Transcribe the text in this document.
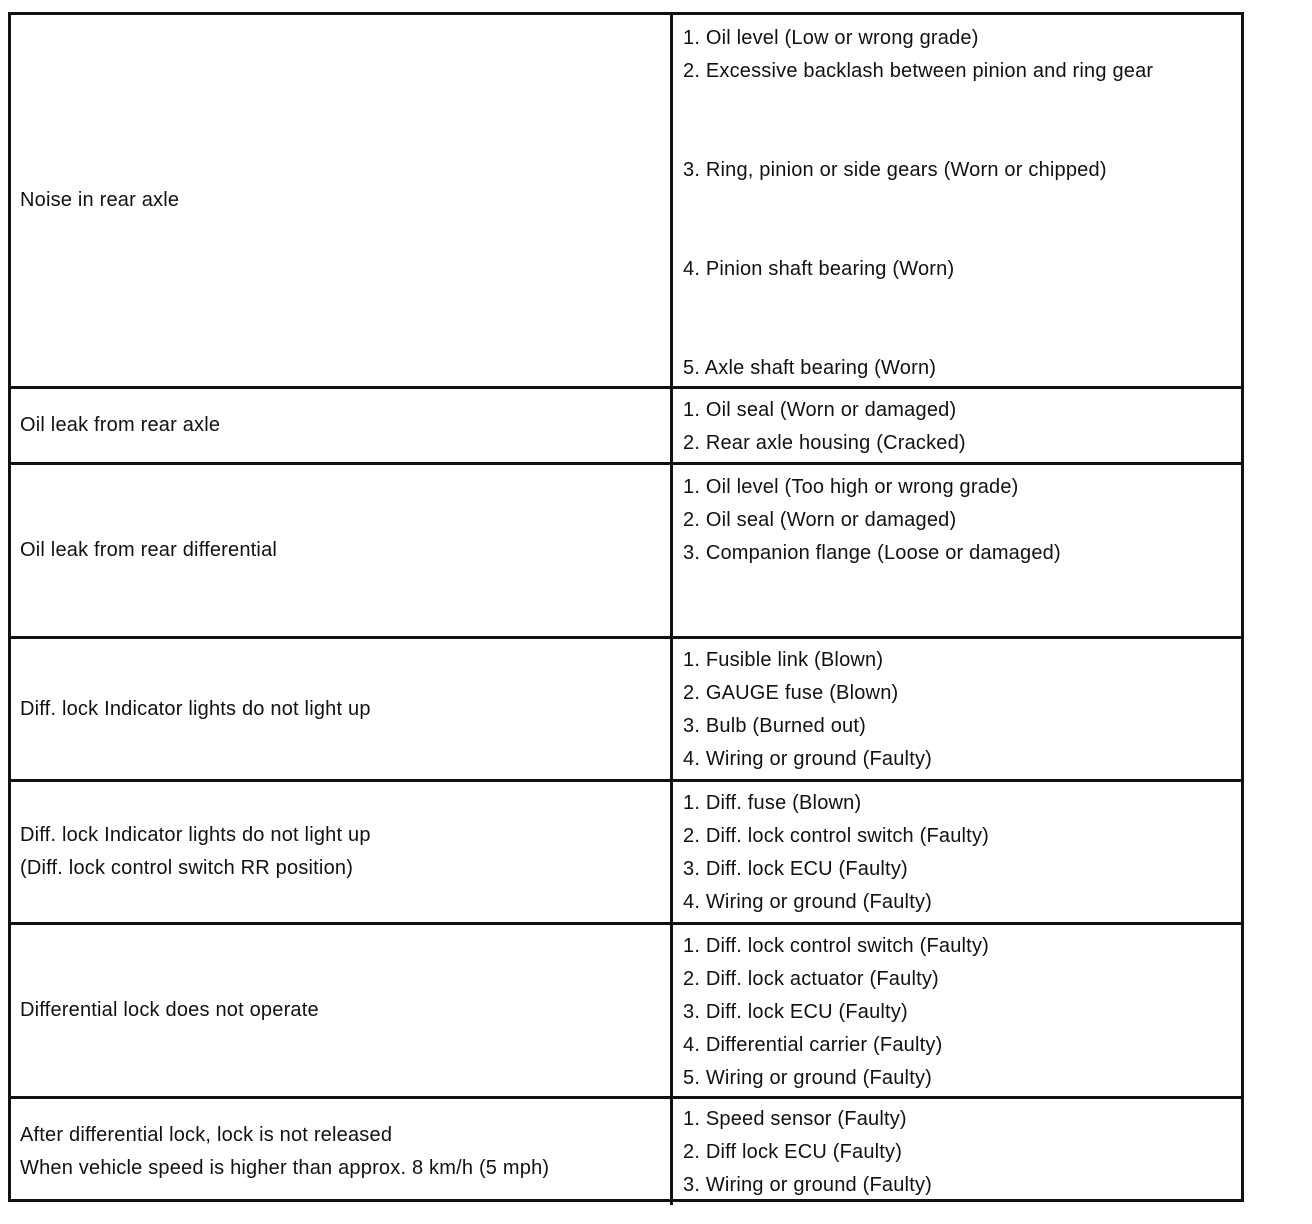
Noise in rear axle
1. Oil level (Low or wrong grade)
2. Excessive backlash between pinion and ring gear
3. Ring, pinion or side gears (Worn or chipped)
4. Pinion shaft bearing (Worn)
5. Axle shaft bearing (Worn)
Oil leak from rear axle
1. Oil seal (Worn or damaged)
2. Rear axle housing (Cracked)
Oil leak from rear differential
1. Oil level (Too high or wrong grade)
2. Oil seal (Worn or damaged)
3. Companion flange (Loose or damaged)
Diff. lock Indicator lights do not light up
1. Fusible link (Blown)
2. GAUGE fuse (Blown)
3. Bulb (Burned out)
4. Wiring or ground (Faulty)
Diff. lock Indicator lights do not light up
(Diff. lock control switch RR position)
1. Diff. fuse (Blown)
2. Diff. lock control switch (Faulty)
3. Diff. lock ECU (Faulty)
4. Wiring or ground (Faulty)
Differential lock does not operate
1. Diff. lock control switch (Faulty)
2. Diff. lock actuator (Faulty)
3. Diff. lock ECU (Faulty)
4. Differential carrier (Faulty)
5. Wiring or ground (Faulty)
After differential lock, lock is not released
When vehicle speed is higher than approx. 8 km/h (5 mph)
1. Speed sensor (Faulty)
2. Diff lock ECU (Faulty)
3. Wiring or ground (Faulty)
